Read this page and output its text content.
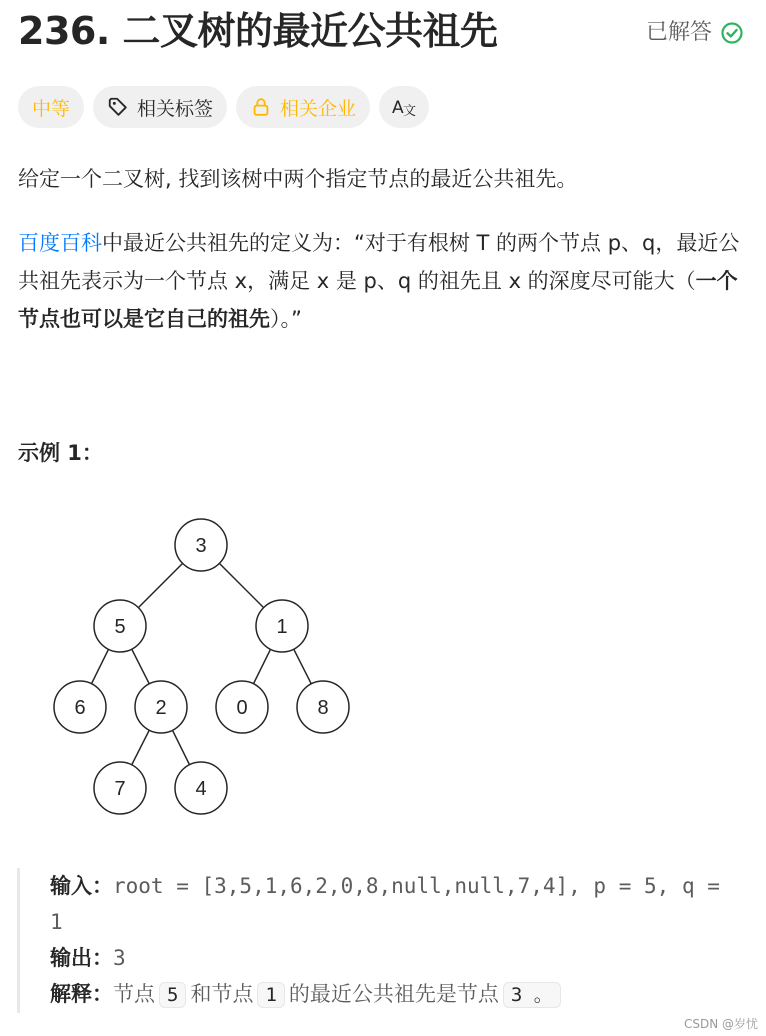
236. 二叉树的最近公共祖先	已解答
中等	相关标签	相关企业 A 文
给定一个二叉树, 找到该树中两个指定节点的最近公共祖先。
百度百科中最近公共祖先的定义为：“对于有根树 T 的两个节点 p、q，最近公共祖先表示为一个节点 x，满足 x 是 p、q 的祖先且 x 的深度尽可能大（一个节点也可以是它自己的祖先）。”
示例 1：
3
5	1
6	2	0	8
7	4
输入：root = [3,5,1,6,2,0,8,null,null,7,4], p = 5, q = 1
输出：3
解释：节点 5 和节点 1 的最近公共祖先是节点 3 。
CSDN @岁忧
